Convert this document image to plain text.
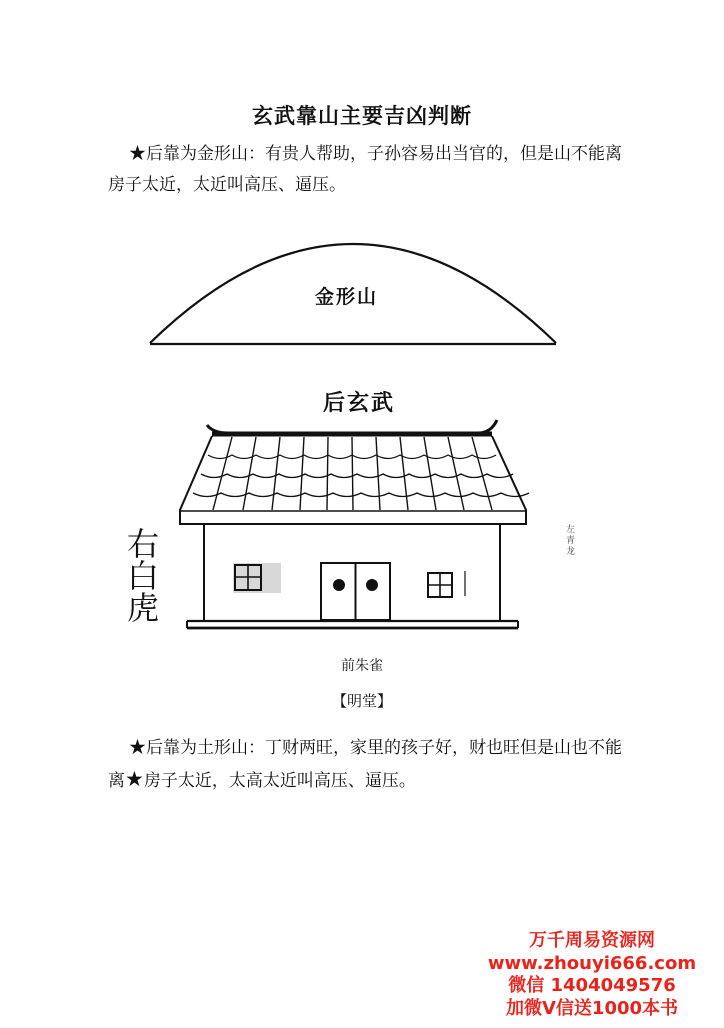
玄武靠山主要吉凶判断
★后靠为金形山：有贵人帮助，子孙容易出当官的，但是山不能离
房子太近，太近叫高压、逼压。
金形山
后玄武
右
白
虎
左
青
龙
前朱雀
【明堂】
★后靠为土形山：丁财两旺，家里的孩子好，财也旺但是山也不能
离★房子太近，太高太近叫高压、逼压。
万千周易资源网
www.zhouyi666.com
微信 1404049576
加微V信送1000本书
